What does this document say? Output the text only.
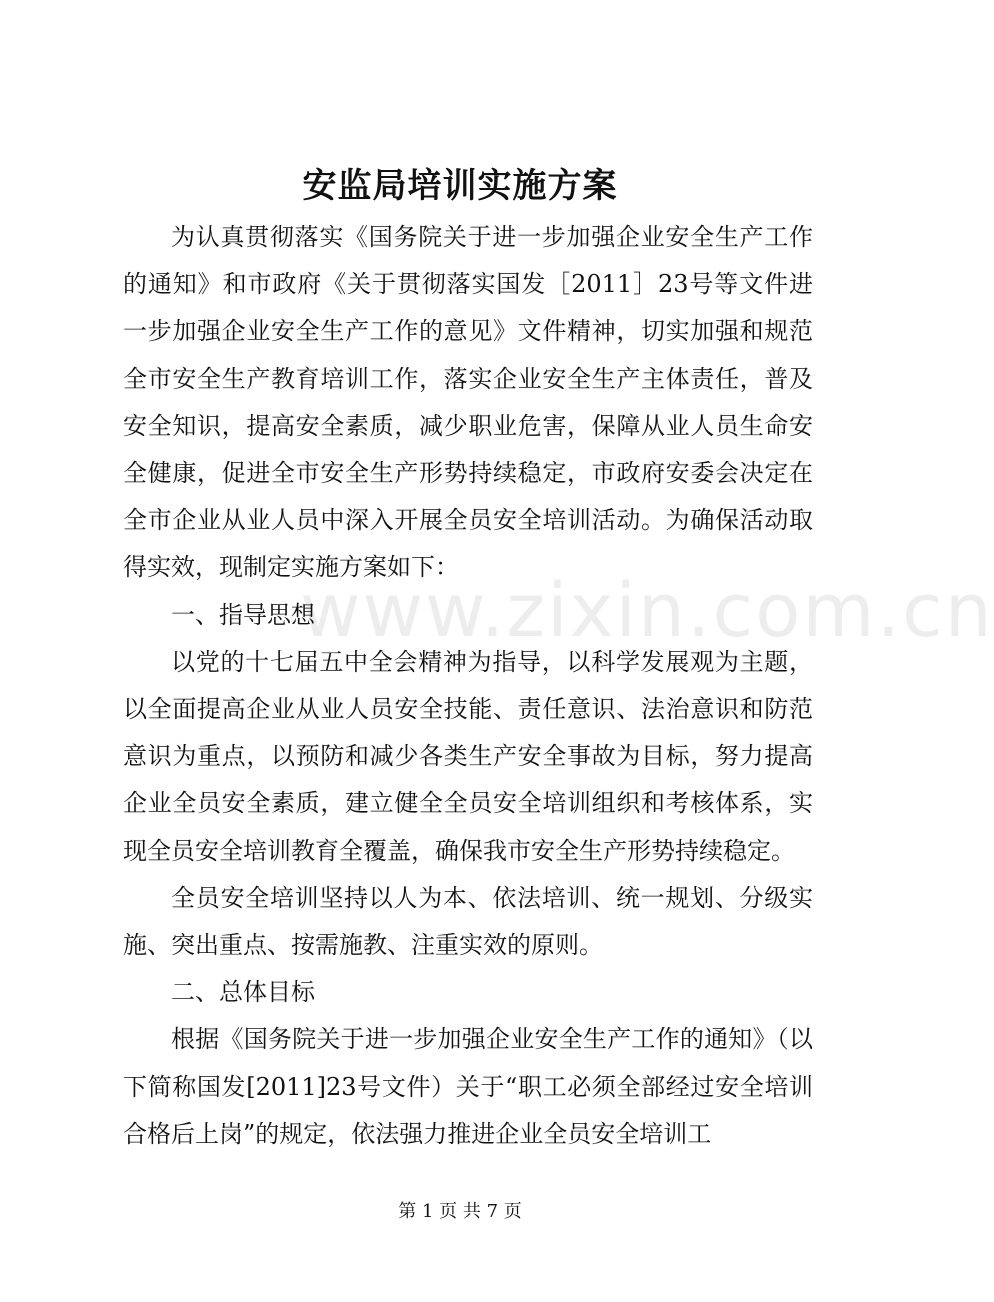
www.zixin.com.cn
安监局培训实施方案

为认真贯彻落实《国务院关于进一步加强企业安全生产工作的通知》和市政府《关于贯彻落实国发［2011］23号等文件进一步加强企业安全生产工作的意见》文件精神，切实加强和规范全市安全生产教育培训工作，落实企业安全生产主体责任，普及安全知识，提高安全素质，减少职业危害，保障从业人员生命安全健康，促进全市安全生产形势持续稳定，市政府安委会决定在全市企业从业人员中深入开展全员安全培训活动。为确保活动取得实效，现制定实施方案如下：

一、指导思想

以党的十七届五中全会精神为指导，以科学发展观为主题，以全面提高企业从业人员安全技能、责任意识、法治意识和防范意识为重点，以预防和减少各类生产安全事故为目标，努力提高企业全员安全素质，建立健全全员安全培训组织和考核体系，实现全员安全培训教育全覆盖，确保我市安全生产形势持续稳定。

全员安全培训坚持以人为本、依法培训、统一规划、分级实施、突出重点、按需施教、注重实效的原则。

二、总体目标

根据《国务院关于进一步加强企业安全生产工作的通知》（以下简称国发[2011]23号文件）关于“职工必须全部经过安全培训合格后上岗”的规定，依法强力推进企业全员安全培训工

第 1 页 共 7 页
